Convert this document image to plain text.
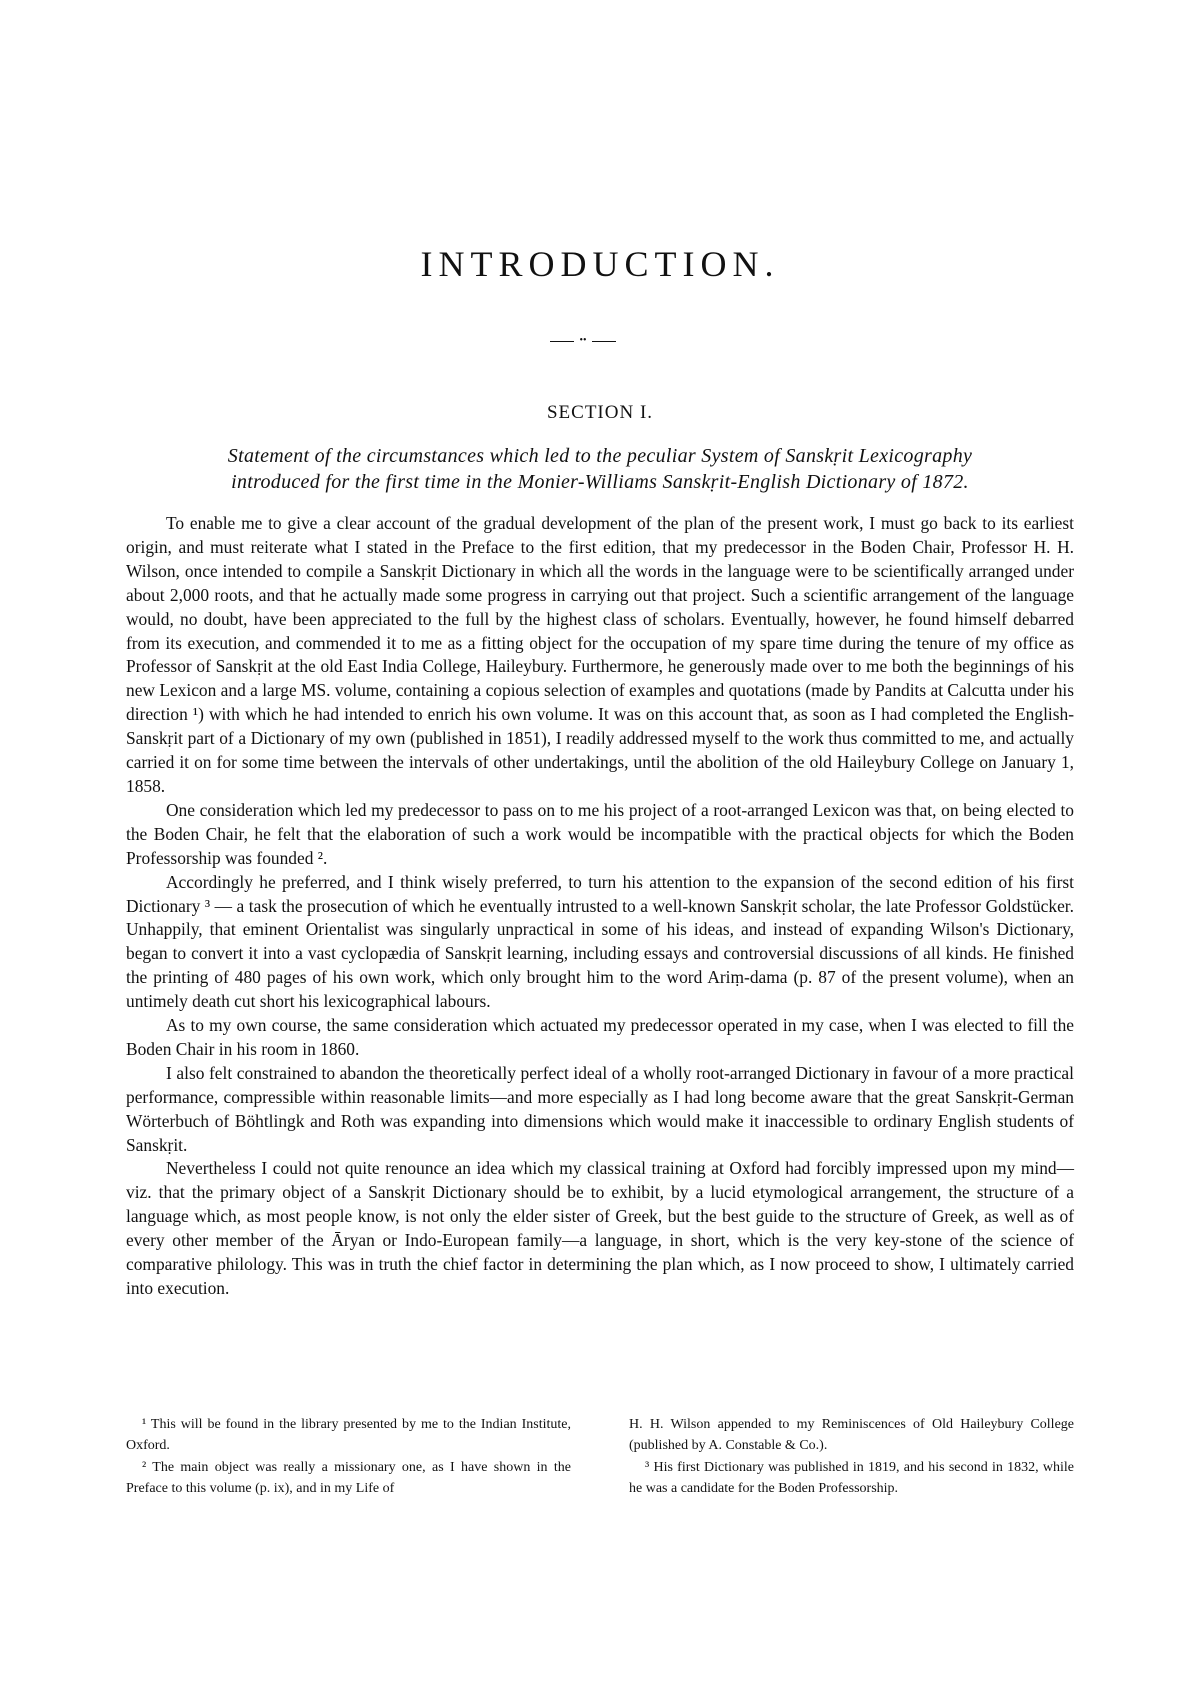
INTRODUCTION.
••
SECTION I.
Statement of the circumstances which led to the peculiar System of Sanskṛit Lexicography
introduced for the first time in the Monier-Williams Sanskṛit-English Dictionary of 1872.

To enable me to give a clear account of the gradual development of the plan of the present work, I must go back to its earliest origin, and must reiterate what I stated in the Preface to the first edition, that my predecessor in the Boden Chair, Professor H. H. Wilson, once intended to compile a Sanskṛit Dictionary in which all the words in the language were to be scientifically arranged under about 2,000 roots, and that he actually made some progress in carrying out that project. Such a scientific arrangement of the language would, no doubt, have been appreciated to the full by the highest class of scholars. Eventually, however, he found himself debarred from its execution, and commended it to me as a fitting object for the occupation of my spare time during the tenure of my office as Professor of Sanskṛit at the old East India College, Haileybury. Furthermore, he generously made over to me both the beginnings of his new Lexicon and a large MS. volume, containing a copious selection of examples and quotations (made by Pandits at Calcutta under his direction ¹) with which he had intended to enrich his own volume. It was on this account that, as soon as I had completed the English-Sanskṛit part of a Dictionary of my own (published in 1851), I readily addressed myself to the work thus committed to me, and actually carried it on for some time between the intervals of other undertakings, until the abolition of the old Haileybury College on January 1, 1858.

One consideration which led my predecessor to pass on to me his project of a root-arranged Lexicon was that, on being elected to the Boden Chair, he felt that the elaboration of such a work would be incompatible with the practical objects for which the Boden Professorship was founded ².

Accordingly he preferred, and I think wisely preferred, to turn his attention to the expansion of the second edition of his first Dictionary ³ — a task the prosecution of which he eventually intrusted to a well-known Sanskṛit scholar, the late Professor Goldstücker. Unhappily, that eminent Orientalist was singularly unpractical in some of his ideas, and instead of expanding Wilson's Dictionary, began to convert it into a vast cyclopædia of Sanskṛit learning, including essays and controversial discussions of all kinds. He finished the printing of 480 pages of his own work, which only brought him to the word Ariṃ-dama (p. 87 of the present volume), when an untimely death cut short his lexicographical labours.

As to my own course, the same consideration which actuated my predecessor operated in my case, when I was elected to fill the Boden Chair in his room in 1860.

I also felt constrained to abandon the theoretically perfect ideal of a wholly root-arranged Dictionary in favour of a more practical performance, compressible within reasonable limits—and more especially as I had long become aware that the great Sanskṛit-German Wörterbuch of Böhtlingk and Roth was expanding into dimensions which would make it inaccessible to ordinary English students of Sanskṛit.

Nevertheless I could not quite renounce an idea which my classical training at Oxford had forcibly impressed upon my mind—viz. that the primary object of a Sanskṛit Dictionary should be to exhibit, by a lucid etymological arrangement, the structure of a language which, as most people know, is not only the elder sister of Greek, but the best guide to the structure of Greek, as well as of every other member of the Āryan or Indo-European family—a language, in short, which is the very key-stone of the science of comparative philology. This was in truth the chief factor in determining the plan which, as I now proceed to show, I ultimately carried into execution.

¹ This will be found in the library presented by me to the Indian Institute, Oxford.

² The main object was really a missionary one, as I have shown in the Preface to this volume (p. ix), and in my Life of

H. H. Wilson appended to my Reminiscences of Old Haileybury College (published by A. Constable & Co.).

³ His first Dictionary was published in 1819, and his second in 1832, while he was a candidate for the Boden Professorship.
